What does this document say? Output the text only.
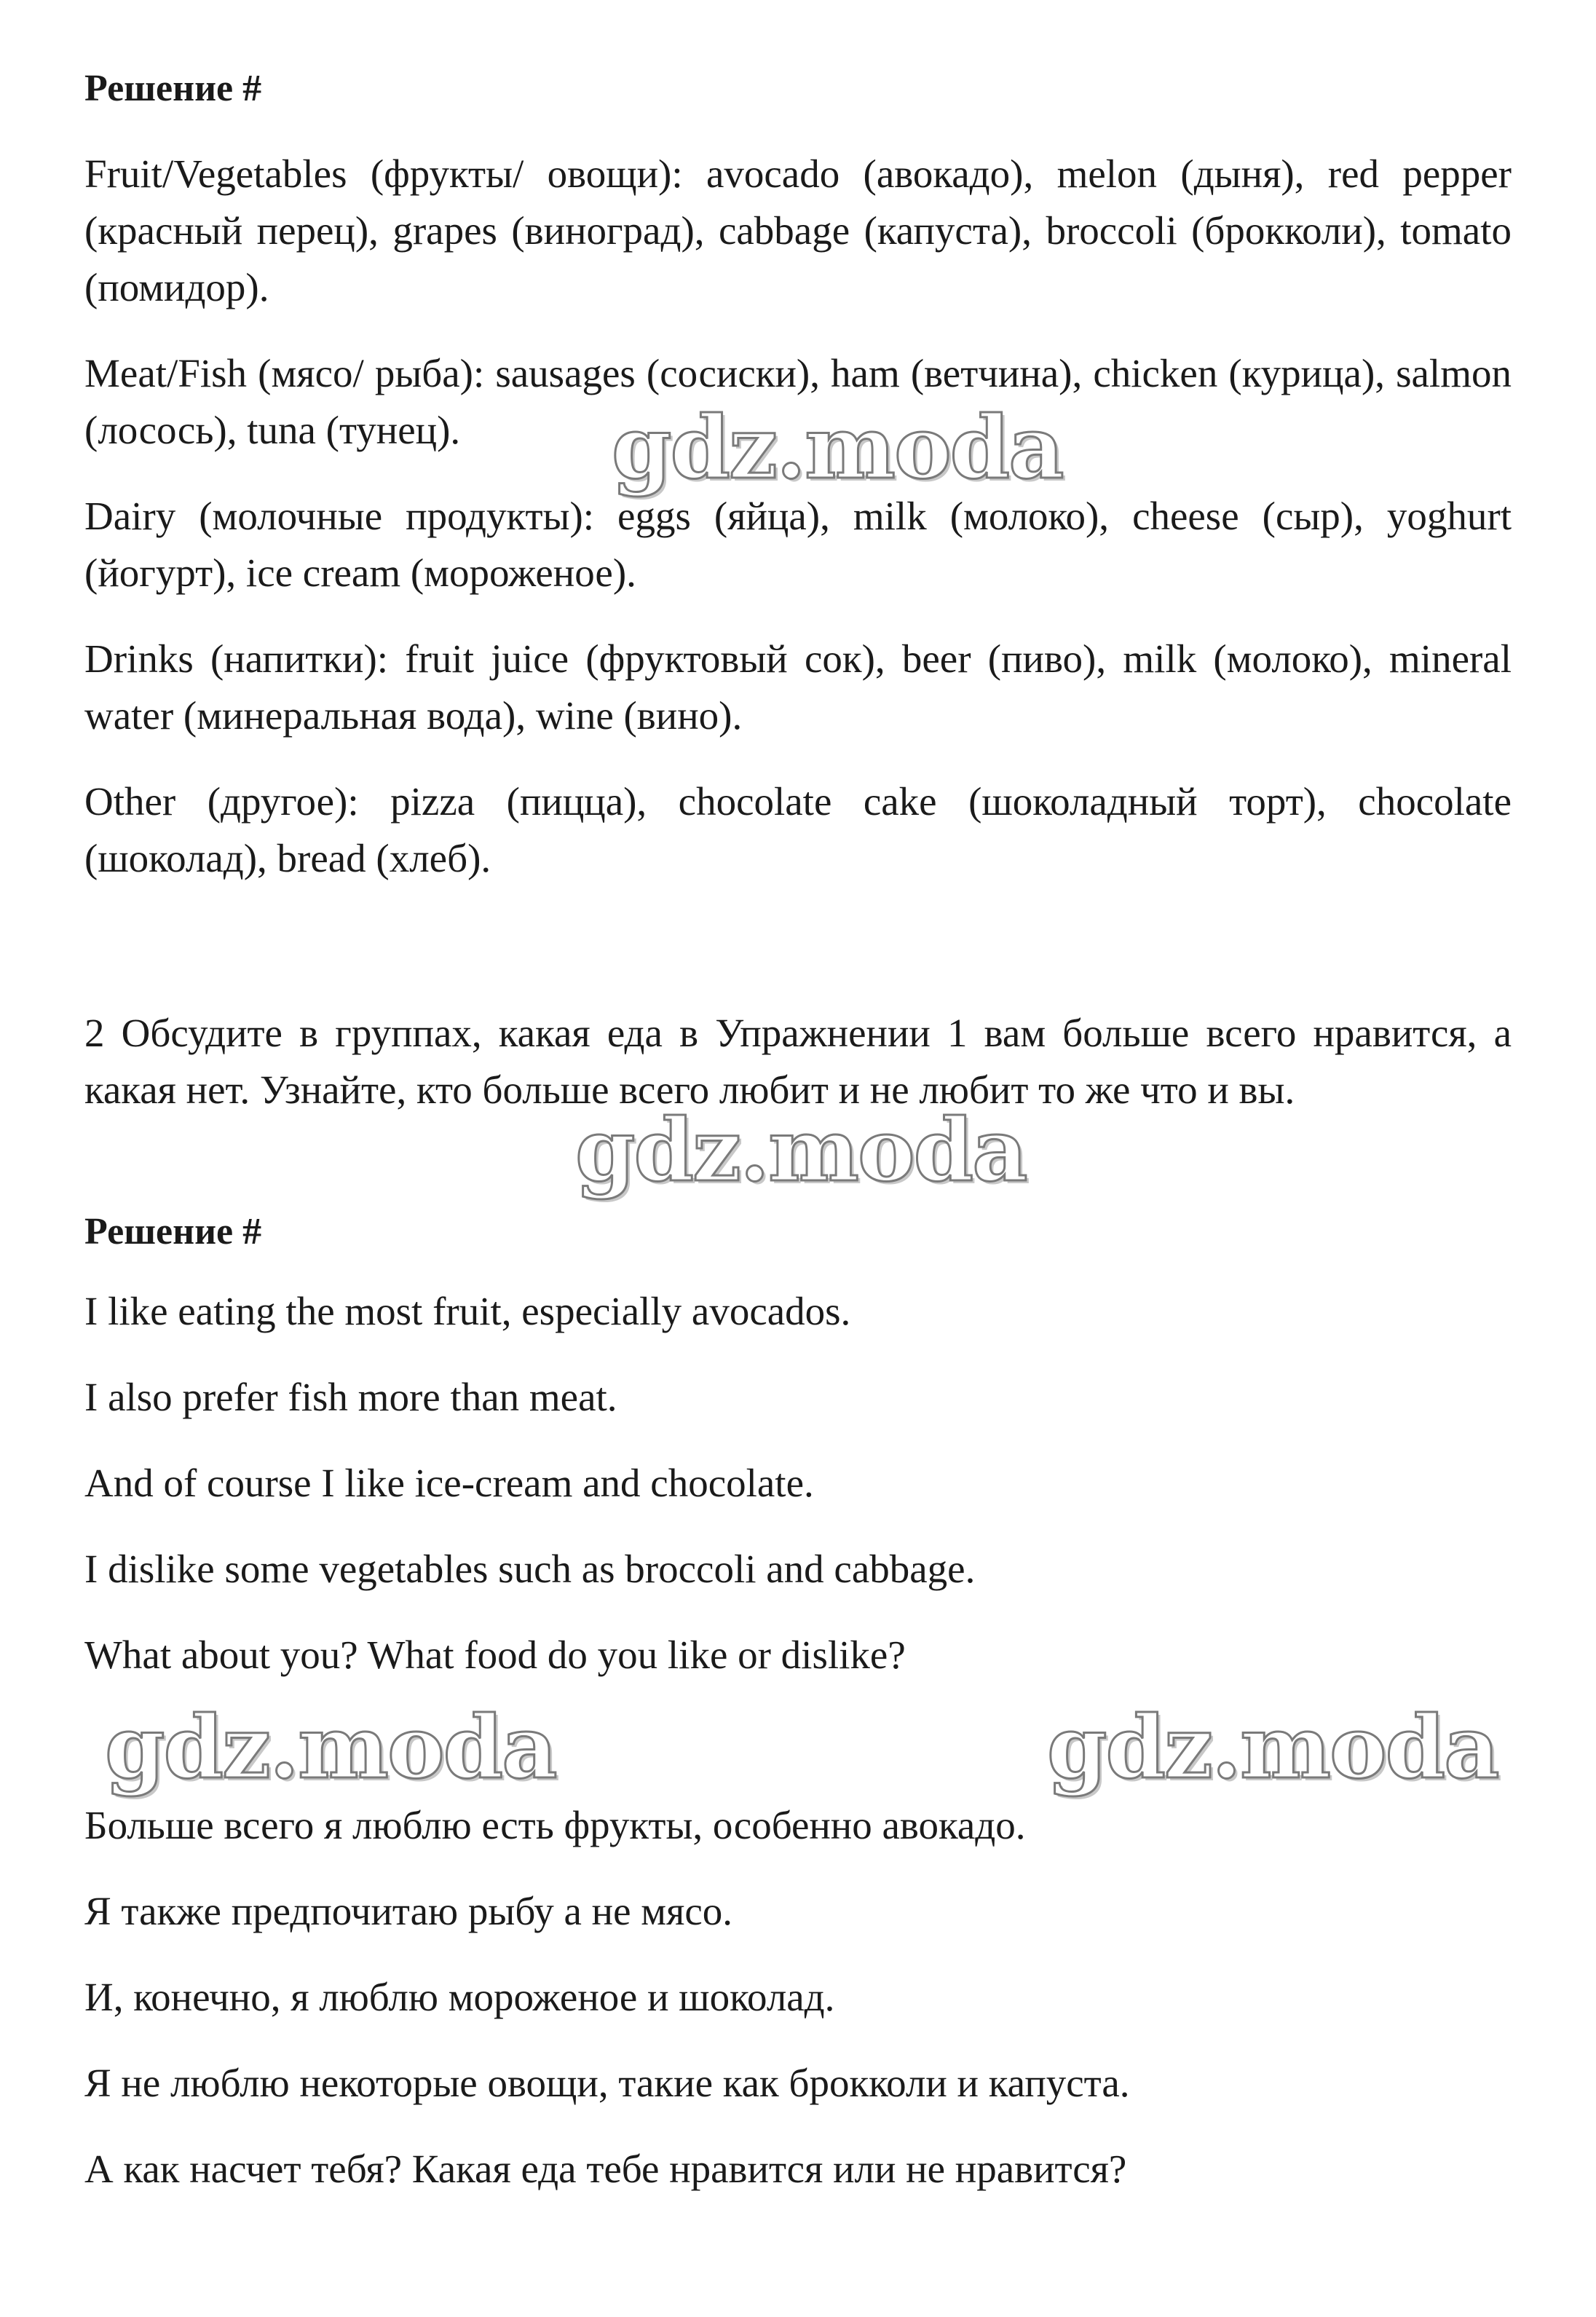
Решение #

Fruit/Vegetables (фрукты/ овощи): avocado (авокадо), melon (дыня), red pepper (красный перец), grapes (виноград), cabbage (капуста), broccoli (брокколи), tomato (помидор).

Meat/Fish (мясо/ рыба): sausages (сосиски), ham (ветчина), chicken (курица), salmon (лосось), tuna (тунец).

Dairy (молочные продукты): eggs (яйца), milk (молоко), cheese (сыр), yoghurt (йогурт), ice cream (мороженое).

Drinks (напитки): fruit juice (фруктовый сок), beer (пиво), milk (молоко), mineral water (минеральная вода), wine (вино).

Other (другое): pizza (пицца), chocolate cake (шоколадный торт), chocolate (шоколад), bread (хлеб).

2 Обсудите в группах, какая еда в Упражнении 1 вам больше всего нравится, а какая нет. Узнайте, кто больше всего любит и не любит то же что и вы.

Решение #

I like eating the most fruit, especially avocados.

I also prefer fish more than meat.

And of course I like ice-cream and chocolate.

I dislike some vegetables such as broccoli and cabbage.

What about you? What food do you like or dislike?

Больше всего я люблю есть фрукты, особенно авокадо.

Я также предпочитаю рыбу а не мясо.

И, конечно, я люблю мороженое и шоколад.

Я не люблю некоторые овощи, такие как брокколи и капуста.

А как насчет тебя? Какая еда тебе нравится или не нравится?

gdz.moda

gdz.moda

gdz.moda	gdz.moda
